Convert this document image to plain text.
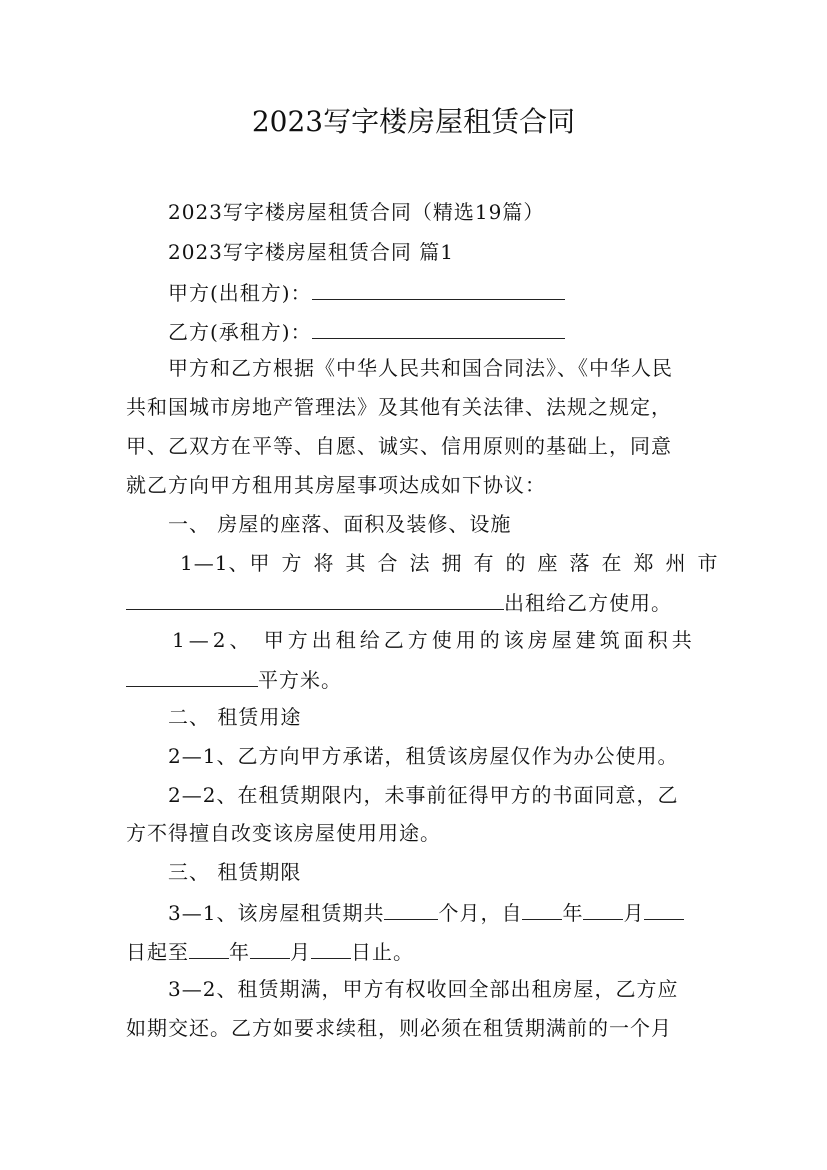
2023写字楼房屋租赁合同
2023写字楼房屋租赁合同（精选19篇）
2023写字楼房屋租赁合同 篇1
甲方(出租方)：
乙方(承租方)：
甲方和乙方根据《中华人民共和国合同法》、《中华人民
共和国城市房地产管理法》及其他有关法律、法规之规定，
甲、乙双方在平等、自愿、诚实、信用原则的基础上，同意
就乙方向甲方租用其房屋事项达成如下协议：
一、 房屋的座落、面积及装修、设施
1—1、 甲方将其合法拥有的座落在郑州市
出租给乙方使用。
1—2、 甲方出租给乙方使用的该房屋建筑面积共
平方米。
二、 租赁用途
2—1、乙方向甲方承诺，租赁该房屋仅作为办公使用。
2—2、在租赁期限内，未事前征得甲方的书面同意，乙
方不得擅自改变该房屋使用用途。
三、 租赁期限
3—1、该房屋租赁期共	个月，自 年 月
日起至 年 月 日止。
3—2、租赁期满，甲方有权收回全部出租房屋，乙方应
如期交还。乙方如要求续租，则必须在租赁期满前的一个月
